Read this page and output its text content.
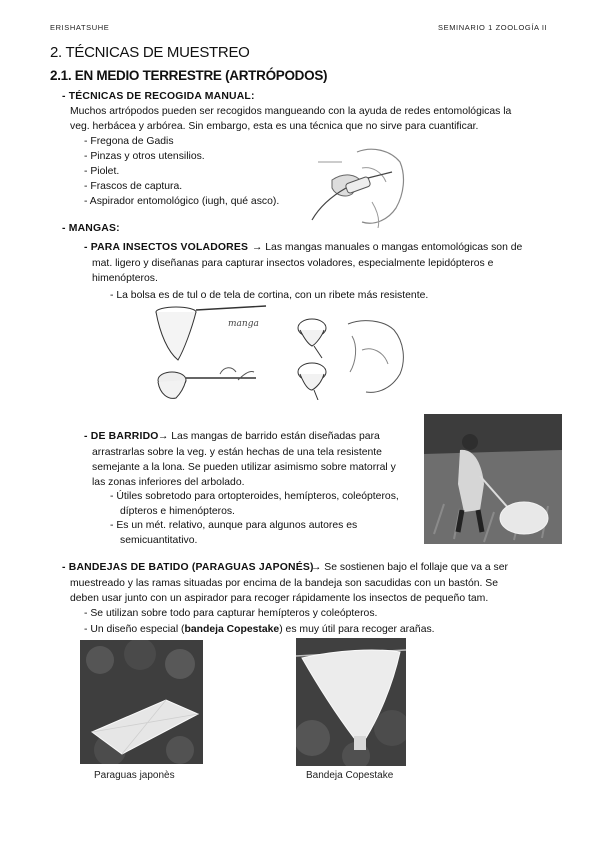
ERISHATSUHE	SEMINARIO 1 ZOOLOGÍA II
2. TÉCNICAS DE MUESTREO
2.1. EN MEDIO TERRESTRE (ARTRÓPODOS)
- TÉCNICAS DE RECOGIDA MANUAL:
Muchos artrópodos pueden ser recogidos mangueando con la ayuda de redes entomológicas la
veg. herbácea y arbórea. Sin embargo, esta es una técnica que no sirve para cuantificar.
- Fregona de Gadis
- Pinzas y otros utensilios.
- Piolet.
- Frascos de captura.
- Aspirador entomológico (iugh, qué asco).
- MANGAS:
- PARA INSECTOS VOLADORES → Las mangas manuales o mangas entomológicas son de
mat. ligero y diseñanas para capturar insectos voladores, especialmente lepidópteros e
himenópteros.
- La bolsa es de tul o de tela de cortina, con un ribete más resistente.
manga
- DE BARRIDO → Las mangas de barrido están diseñadas para
arrastrarlas sobre la veg. y están hechas de una tela resistente
semejante a la lona. Se pueden utilizar asimismo sobre matorral y
las zonas inferiores del arbolado.
- Útiles sobretodo para ortopteroides, hemípteros, coleópteros,
dípteros e himenópteros.
- Es un mét. relativo, aunque para algunos autores es
semicuantitativo.
- BANDEJAS DE BATIDO (PARAGUAS JAPONÉS)
→ Se sostienen bajo el follaje que va a ser
muestreado y las ramas situadas por encima de la bandeja son sacudidas con un bastón. Se
deben usar junto con un aspirador para recoger rápidamente los insectos de pequeño tam.
- Se utilizan sobre todo para capturar hemípteros y coleópteros.
- Un diseño especial (bandeja Copestake) es muy útil para recoger arañas.
Paraguas japonès	Bandeja Copestake
